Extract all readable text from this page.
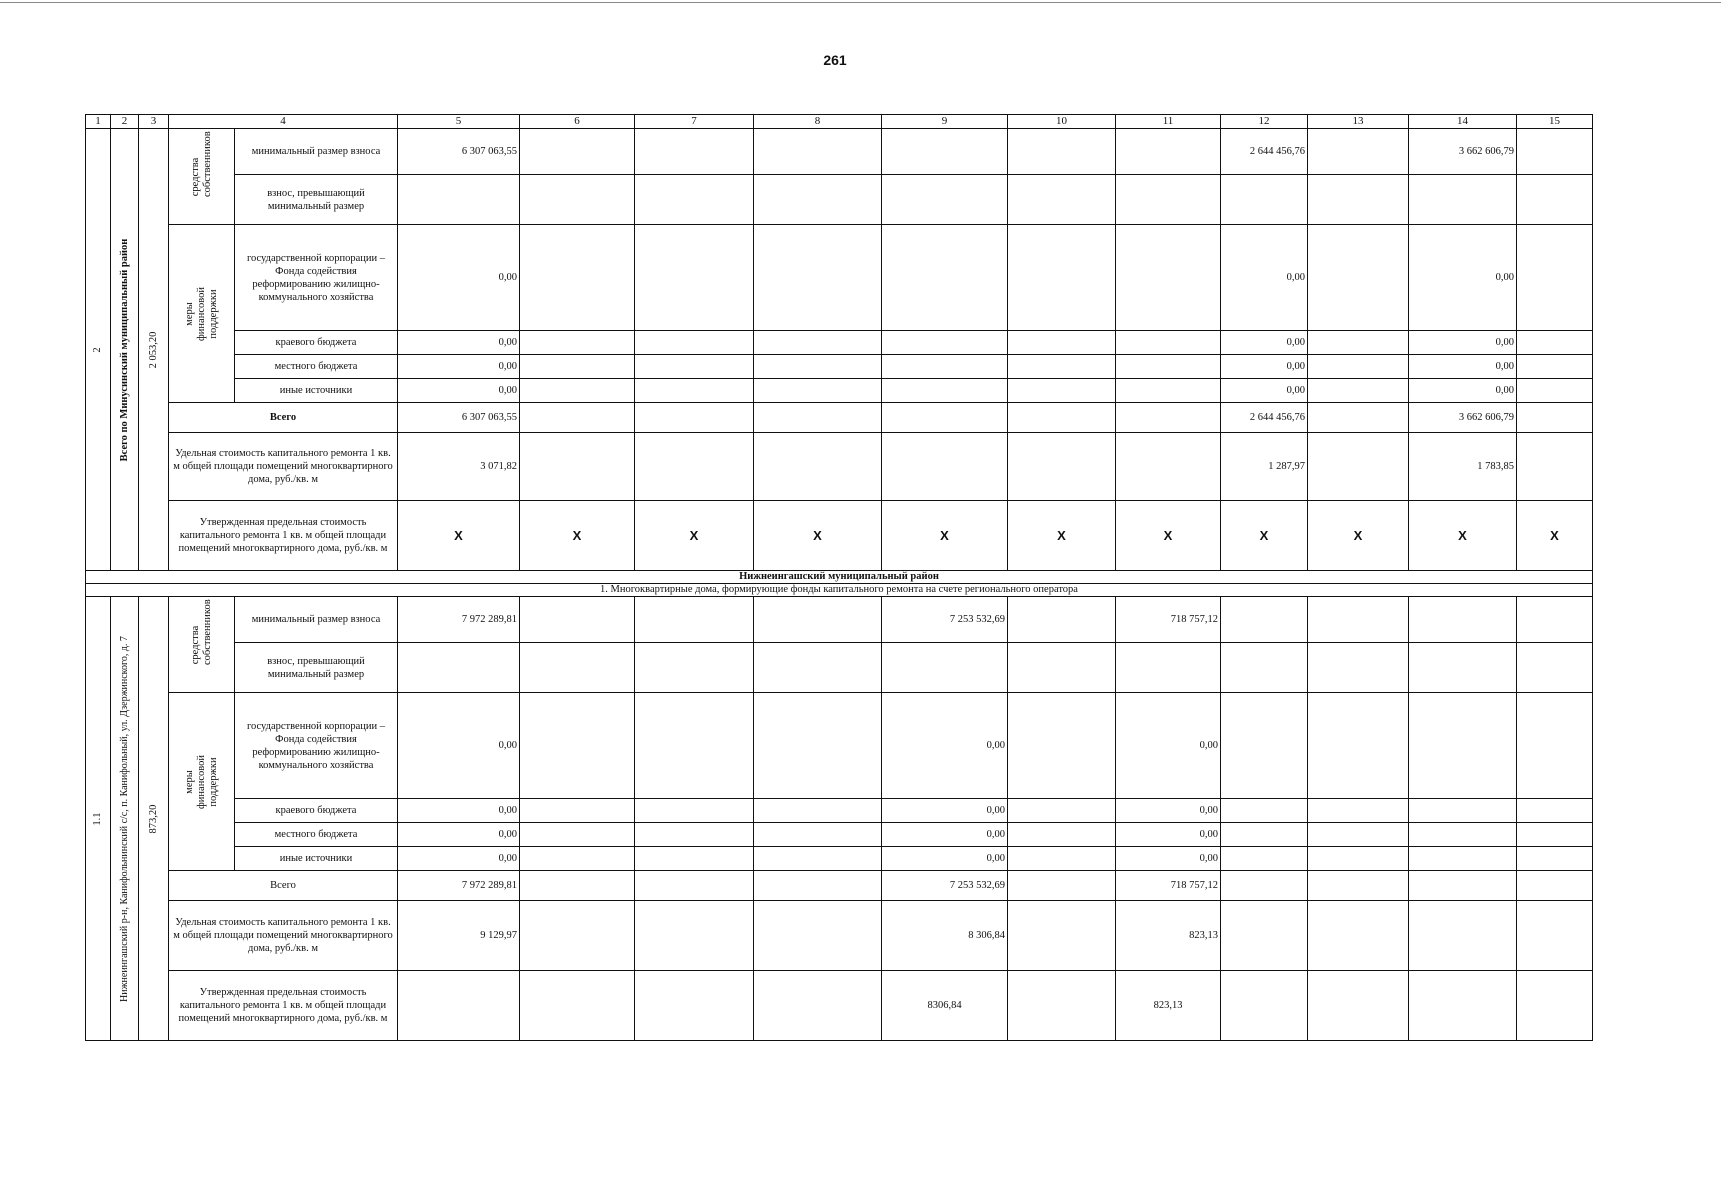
261
1	2	3	4		5	6	7	8	9	10	11	12	13	14	15

2	Всего по Минусинский муниципальный район	2 053,20	средства собственников	минимальный размер взноса	6 307 063,55							2 644 456,76		3 662 606,79	
				взнос, превышающий минимальный размер											

			меры финансовой поддержки	государственной корпорации – Фонда содействия реформированию жилищно-коммунального хозяйства	0,00							0,00		0,00	
				краевого бюджета	0,00							0,00		0,00	
				местного бюджета	0,00							0,00		0,00	
				иные источники	0,00							0,00		0,00	
			Всего		6 307 063,55							2 644 456,76		3 662 606,79	
			Удельная стоимость капитального ремонта 1 кв. м общей площади помещений многоквартирного дома, руб./кв. м		3 071,82							1 287,97		1 783,85	
			Утвержденная предельная стоимость капитального ремонта 1 кв. м общей площади помещений многоквартирного дома, руб./кв. м		X	X	X	X	X	X	X	X	X	X	X
Нижнеингашский муниципальный район															
1. Многоквартирные дома, формирующие фонды капитального ремонта на счете регионального оператора															

1.1	Нижнеингашский р-н, Канифольнинский с/с, п. Канифольный, ул. Дзержинского, д. 7	873,20	средства собственников	минимальный размер взноса	7 972 289,81				7 253 532,69		718 757,12				
				взнос, превышающий минимальный размер											

			меры финансовой поддержки	государственной корпорации – Фонда содействия реформированию жилищно-коммунального хозяйства	0,00				0,00		0,00				
				краевого бюджета	0,00				0,00		0,00				
				местного бюджета	0,00				0,00		0,00				
				иные источники	0,00				0,00		0,00				
			Всего		7 972 289,81				7 253 532,69		718 757,12				
			Удельная стоимость капитального ремонта 1 кв. м общей площади помещений многоквартирного дома, руб./кв. м		9 129,97				8 306,84		823,13				
			Утвержденная предельная стоимость капитального ремонта 1 кв. м общей площади помещений многоквартирного дома, руб./кв. м						8306,84		823,13				
